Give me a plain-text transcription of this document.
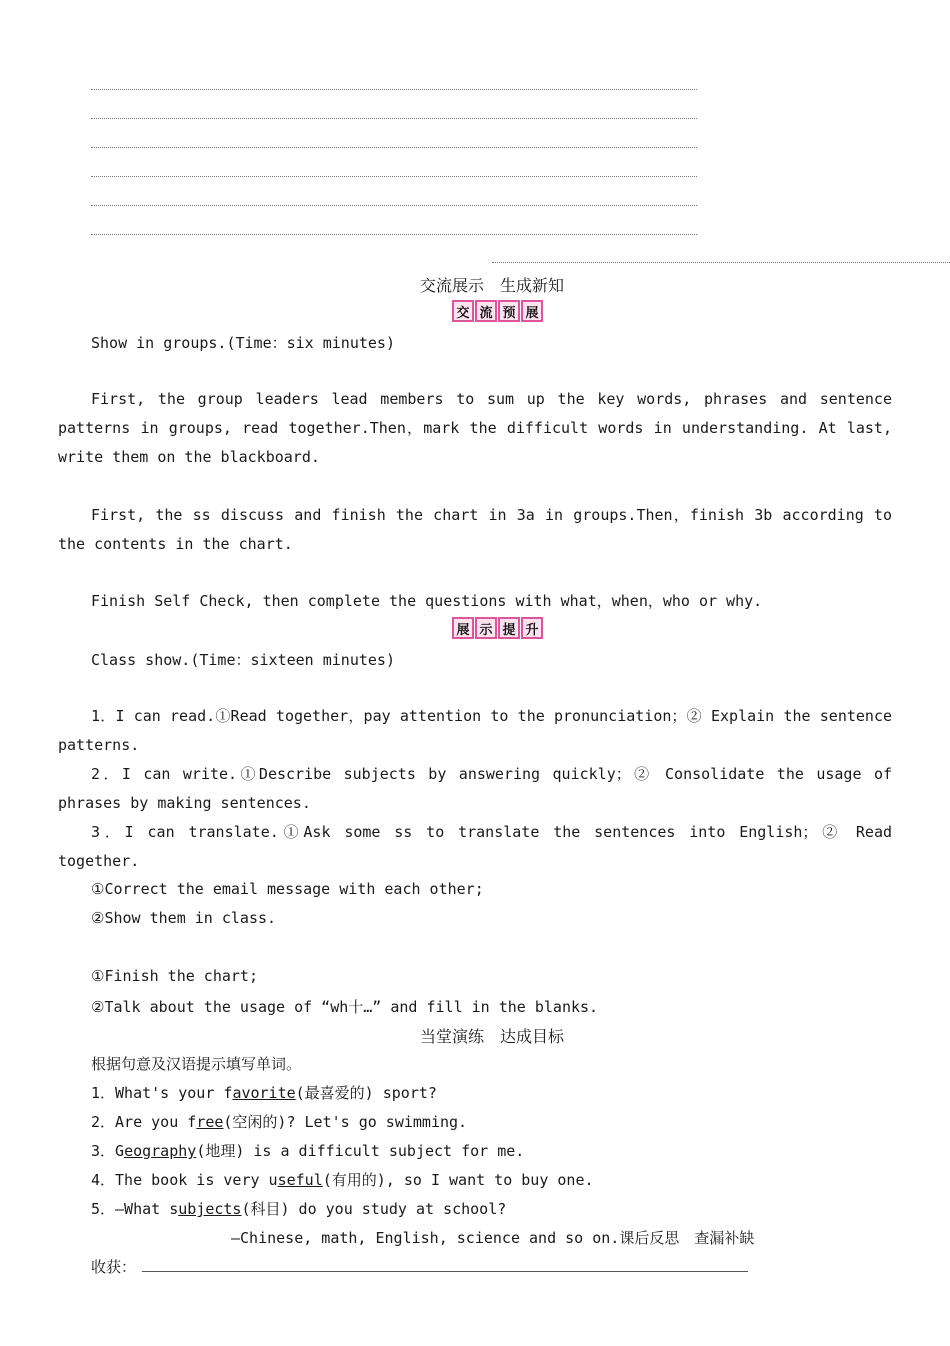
交流展示　生成新知
交 流 预 展
Show in groups.(Time：six minutes)
First, the group leaders lead members to sum up the key words, phrases and sentence patterns in groups, read together.Then，mark the difficult words in understanding. At last, write them on the blackboard.
First, the ss discuss and finish the chart in 3a in groups.Then，finish 3b according to the contents in the chart.
Finish Self Check, then complete the questions with what，when，who or why.
展 示 提 升
Class show.(Time：sixteen minutes)
1．I can read.①Read together，pay attention to the pronunciation；② Explain the sentence patterns.
2．I can write.①Describe subjects by answering quickly；② Consolidate the usage of phrases by making sentences.
3．I can translate.①Ask some ss to translate the sentences into English；② Read together.
①Correct the email message with each other;
②Show them in class.
①Finish the chart;
②Talk about the usage of “wh十…” and fill in the blanks.
当堂演练　达成目标
根据句意及汉语提示填写单词。
1．What's your favorite(最喜爱的) sport?
2．Are you free(空闲的)? Let's go swimming.
3．Geography(地理) is a difficult subject for me.
4．The book is very useful(有用的), so I want to buy one.
5．—What subjects(科目) do you study at school?
—Chinese, math, English, science and so on.课后反思　查漏补缺
收获：
